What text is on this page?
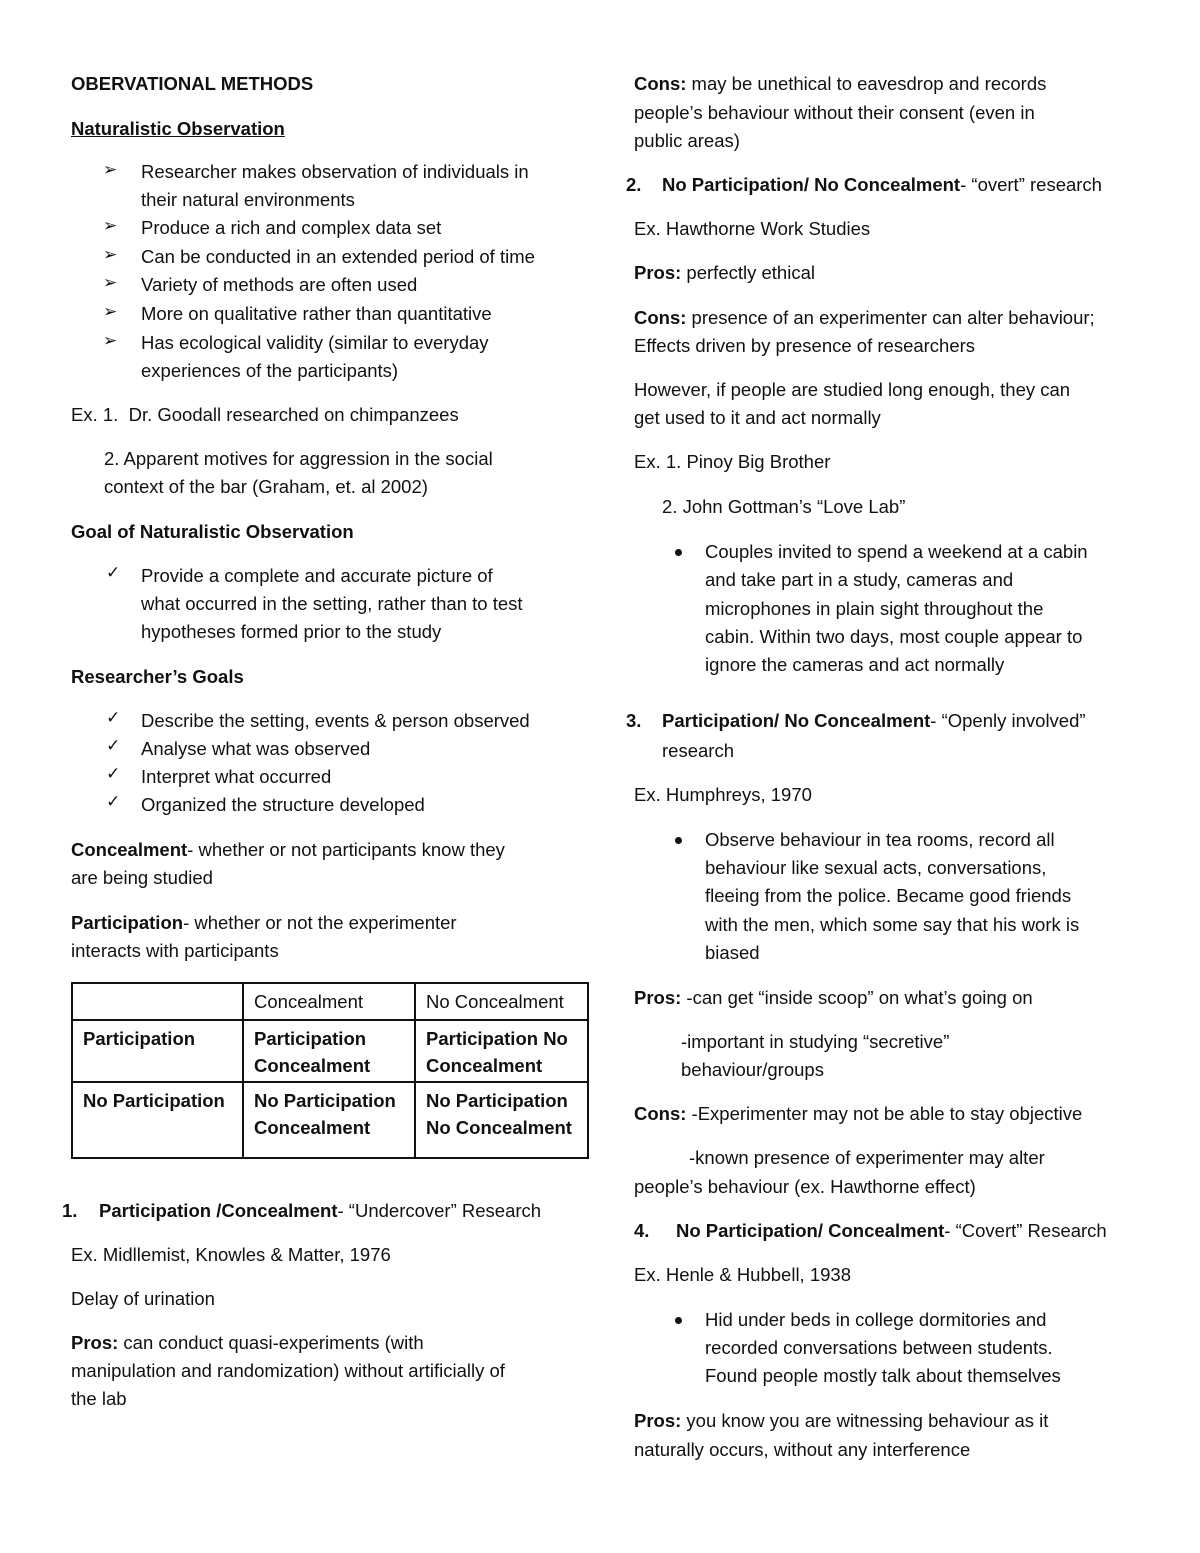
OBERVATIONAL METHODS
Naturalistic Observation
➢	Researcher makes observation of individuals in
their natural environments
➢	Produce a rich and complex data set
➢	Can be conducted in an extended period of time
➢	Variety of methods are often used
➢	More on qualitative rather than quantitative
➢	Has ecological validity (similar to everyday
experiences of the participants)
Ex. 1. Dr. Goodall researched on chimpanzees
2. Apparent motives for aggression in the social
context of the bar (Graham, et. al 2002)
Goal of Naturalistic Observation
✓	Provide a complete and accurate picture of
what occurred in the setting, rather than to test
hypotheses formed prior to the study
Researcher’s Goals
✓	Describe the setting, events & person observed
✓	Analyse what was observed
✓	Interpret what occurred
✓	Organized the structure developed
Concealment- whether or not participants know they
are being studied
Participation- whether or not the experimenter
interacts with participants
	Concealment	No Concealment
Participation	Participation Concealment	Participation No Concealment
No Participation	No Participation Concealment	No Participation No Concealment
1. Participation /Concealment- “Undercover” Research
Ex. Midllemist, Knowles & Matter, 1976
Delay of urination
Pros: can conduct quasi-experiments (with
manipulation and randomization) without artificially of
the lab
Cons: may be unethical to eavesdrop and records
people’s behaviour without their consent (even in
public areas)
2. No Participation/ No Concealment- “overt” research
Ex. Hawthorne Work Studies
Pros: perfectly ethical
Cons: presence of an experimenter can alter behaviour;
Effects driven by presence of researchers
However, if people are studied long enough, they can
get used to it and act normally
Ex. 1. Pinoy Big Brother
2. John Gottman’s “Love Lab”
Couples invited to spend a weekend at a cabin
and take part in a study, cameras and
microphones in plain sight throughout the
cabin. Within two days, most couple appear to
ignore the cameras and act normally
3. Participation/ No Concealment- “Openly involved”
research
Ex. Humphreys, 1970
Observe behaviour in tea rooms, record all
behaviour like sexual acts, conversations,
fleeing from the police. Became good friends
with the men, which some say that his work is
biased
Pros: -can get “inside scoop” on what’s going on
-important in studying “secretive”
behaviour/groups
Cons: -Experimenter may not be able to stay objective
-known presence of experimenter may alter
people’s behaviour (ex. Hawthorne effect)
4. No Participation/ Concealment- “Covert” Research
Ex. Henle & Hubbell, 1938
Hid under beds in college dormitories and
recorded conversations between students.
Found people mostly talk about themselves
Pros: you know you are witnessing behaviour as it
naturally occurs, without any interference
